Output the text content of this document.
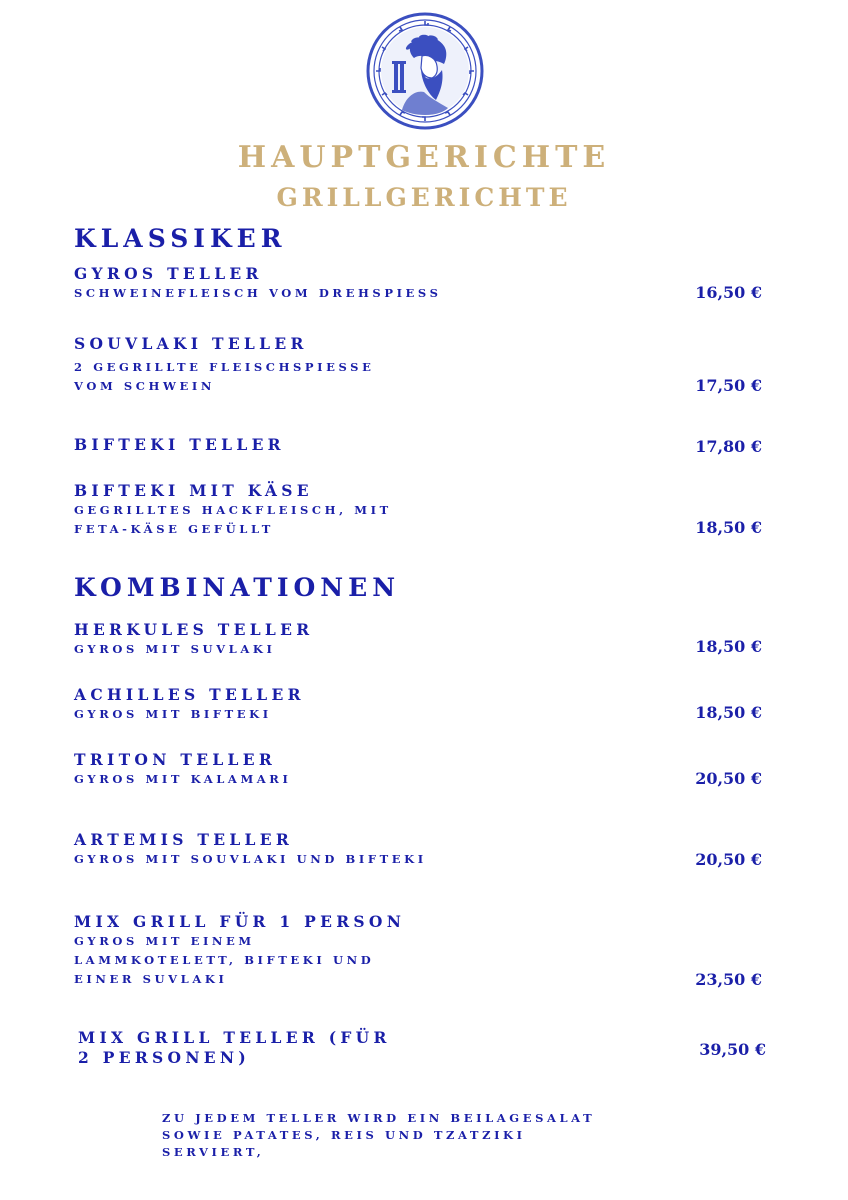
HAUPTGERICHTE
GRILLGERICHTE
KLASSIKER
GYROS TELLER
SCHWEINEFLEISCH VOM DREHSPIESS	16,50 €
SOUVLAKI TELLER
2 GEGRILLTE FLEISCHSPIESSE
VOM SCHWEIN	17,50 €
BIFTEKI TELLER	17,80 €
BIFTEKI MIT KÄSE
GEGRILLTES HACKFLEISCH, MIT
FETA-KÄSE GEFÜLLT	18,50 €
KOMBINATIONEN
HERKULES TELLER
GYROS MIT SUVLAKI	18,50 €
ACHILLES TELLER
GYROS MIT BIFTEKI	18,50 €
TRITON TELLER
GYROS MIT KALAMARI	20,50 €
ARTEMIS TELLER
GYROS MIT SOUVLAKI UND BIFTEKI	20,50 €
MIX GRILL FÜR 1 PERSON
GYROS MIT EINEM
LAMMKOTELETT, BIFTEKI UND
EINER SUVLAKI	23,50 €
MIX GRILL TELLER (FÜR
2 PERSONEN)	39,50 €
ZU JEDEM TELLER WIRD EIN BEILAGESALAT
SOWIE PATATES, REIS UND TZATZIKI
SERVIERT,
